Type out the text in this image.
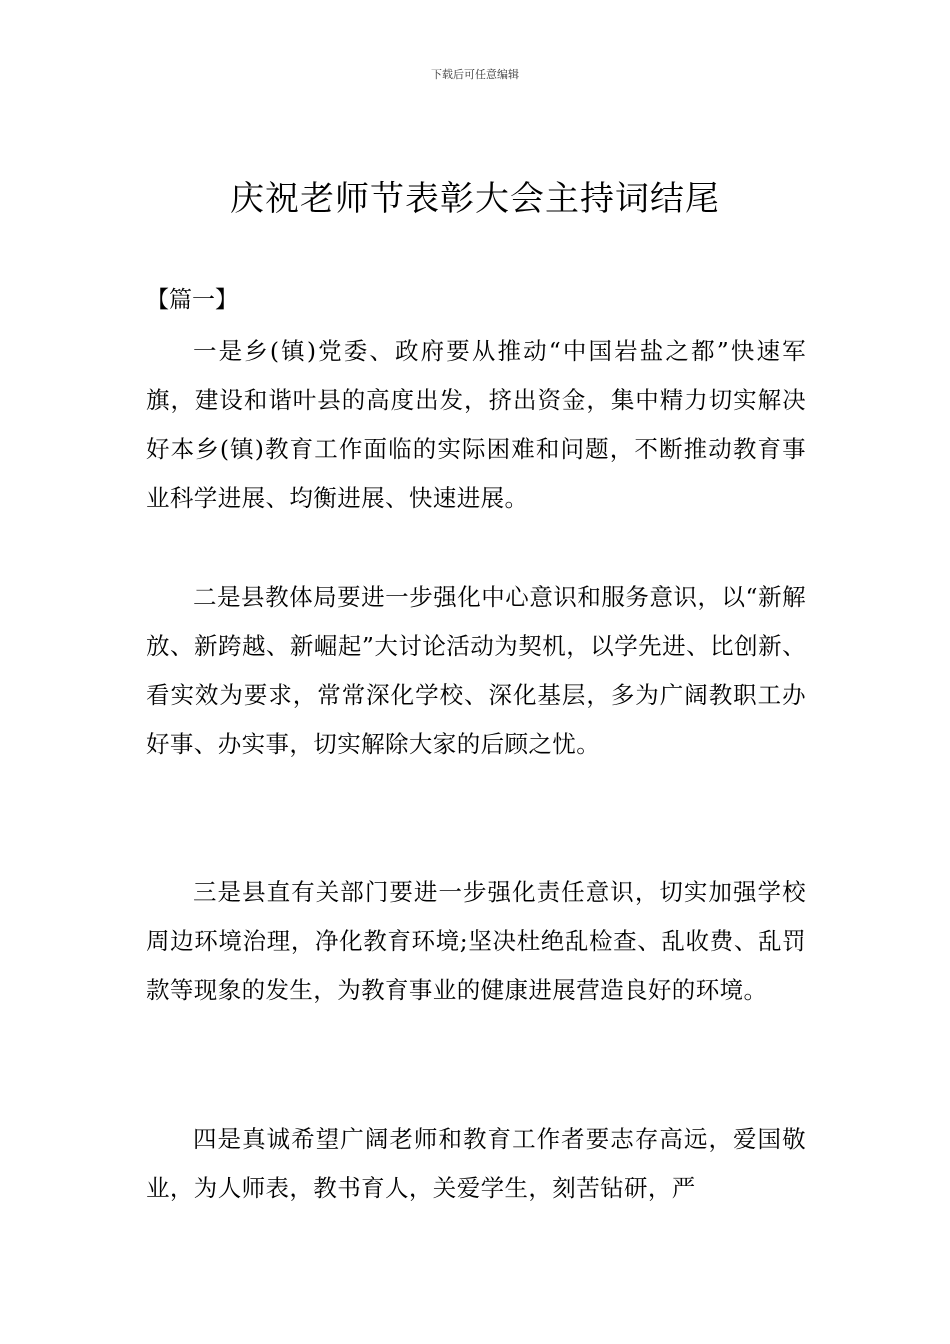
下载后可任意编辑
庆祝老师节表彰大会主持词结尾
【篇一】

一是乡(镇)党委、政府要从推动“中国岩盐之都”快速军旗，建设和谐叶县的高度出发，挤出资金，集中精力切实解决好本乡(镇)教育工作面临的实际困难和问题，不断推动教育事业科学进展、均衡进展、快速进展。

二是县教体局要进一步强化中心意识和服务意识，以“新解放、新跨越、新崛起”大讨论活动为契机，以学先进、比创新、看实效为要求，常常深化学校、深化基层，多为广阔教职工办好事、办实事，切实解除大家的后顾之忧。

三是县直有关部门要进一步强化责任意识，切实加强学校周边环境治理，净化教育环境;坚决杜绝乱检查、乱收费、乱罚款等现象的发生，为教育事业的健康进展营造良好的环境。

四是真诚希望广阔老师和教育工作者要志存高远，爱国敬业，为人师表，教书育人，关爱学生，刻苦钻研，严
